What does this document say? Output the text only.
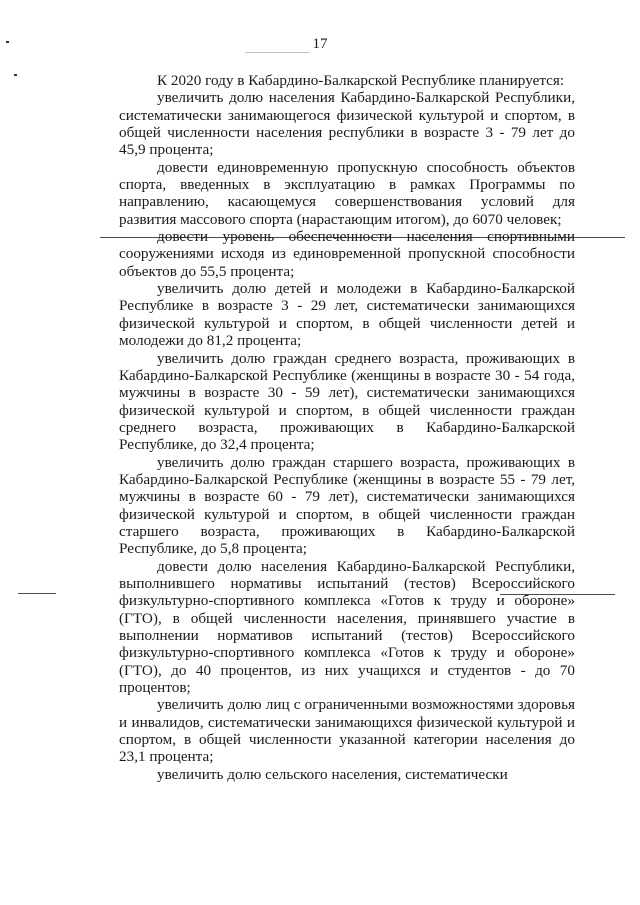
17

К 2020 году в Кабардино-Балкарской Республике планируется:

увеличить долю населения Кабардино-Балкарской Республики, систематически занимающегося физической культурой и спортом, в общей численности населения республики в возрасте 3 - 79 лет до 45,9 процента;

довести единовременную пропускную способность объектов спорта, введенных в эксплуатацию в рамках Программы по направлению, касающемуся совершенствования условий для развития массового спорта (нарастающим итогом), до 6070 человек;

довести уровень обеспеченности населения спортивными сооружениями исходя из единовременной пропускной способности объектов до 55,5 процента;

увеличить долю детей и молодежи в Кабардино-Балкарской Республике в возрасте 3 - 29 лет, систематически занимающихся физической культурой и спортом, в общей численности детей и молодежи до 81,2 процента;

увеличить долю граждан среднего возраста, проживающих в Кабардино-Балкарской Республике (женщины в возрасте 30 - 54 года, мужчины в возрасте 30 - 59 лет), систематически занимающихся физической культурой и спортом, в общей численности граждан среднего возраста, проживающих в Кабардино-Балкарской Республике, до 32,4 процента;

увеличить долю граждан старшего возраста, проживающих в Кабардино-Балкарской Республике (женщины в возрасте 55 - 79 лет, мужчины в возрасте 60 - 79 лет), систематически занимающихся физической культурой и спортом, в общей численности граждан старшего возраста, проживающих в Кабардино-Балкарской Республике, до 5,8 процента;

довести долю населения Кабардино-Балкарской Республики, выполнившего нормативы испытаний (тестов) Всероссийского физкультурно-спортивного комплекса «Готов к труду и обороне» (ГТО), в общей численности населения, принявшего участие в выполнении нормативов испытаний (тестов) Всероссийского физкультурно-спортивного комплекса «Готов к труду и обороне» (ГТО), до 40 процентов, из них учащихся и студентов - до 70 процентов;

увеличить долю лиц с ограниченными возможностями здоровья и инвалидов, систематически занимающихся физической культурой и спортом, в общей численности указанной категории населения до 23,1 процента;

увеличить долю сельского населения, систематически
